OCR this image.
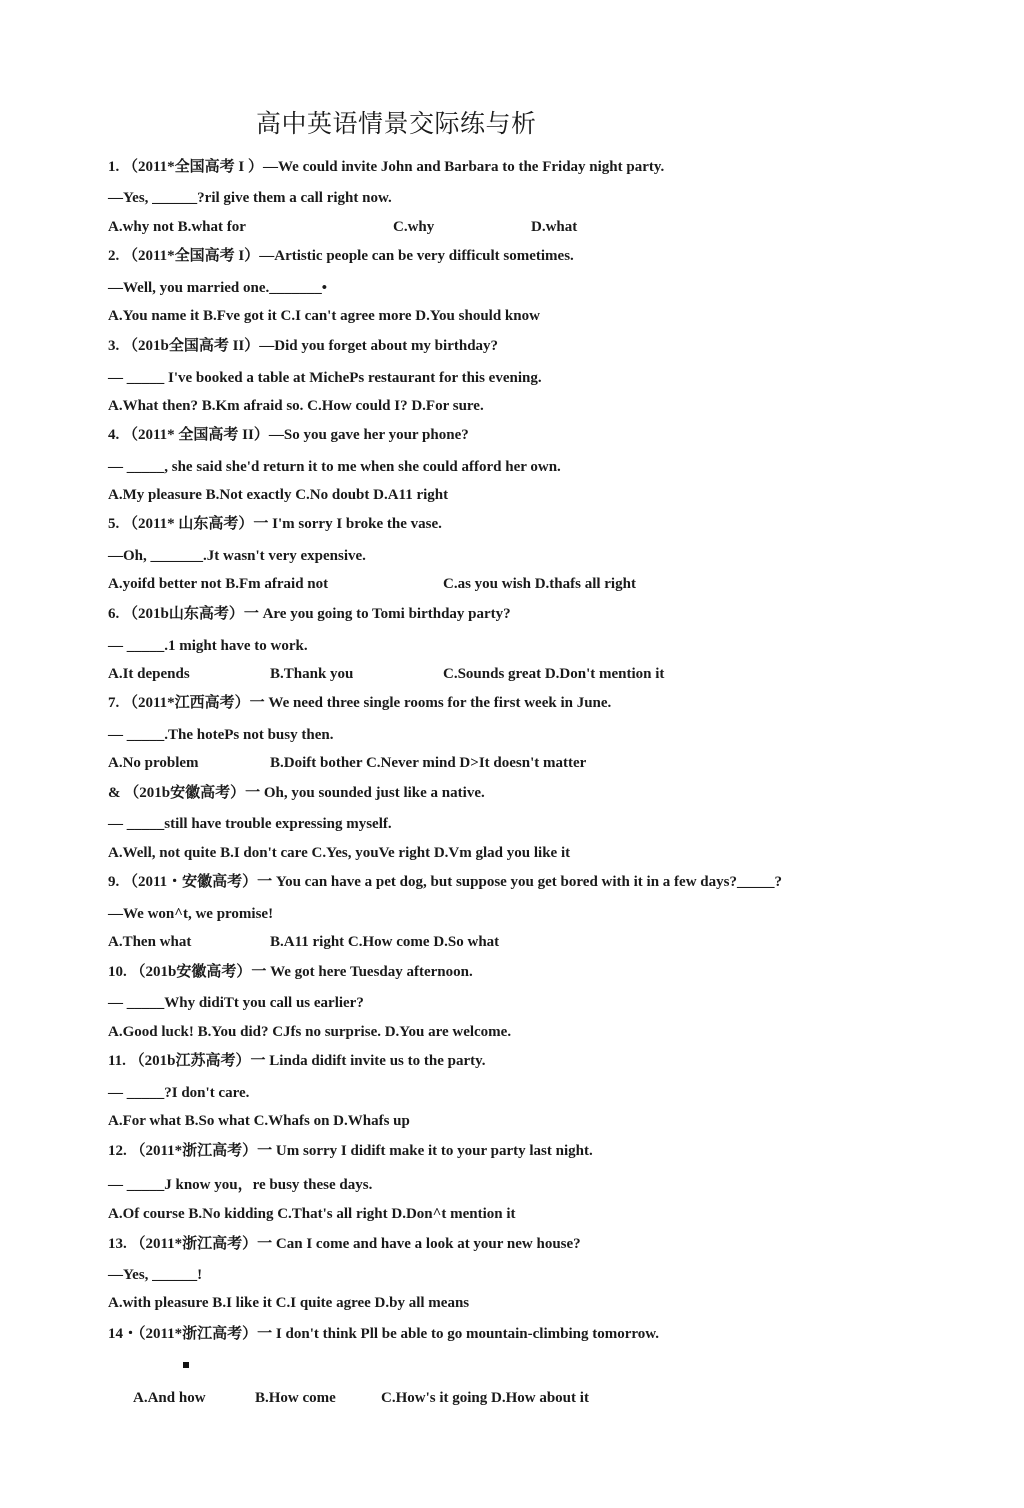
高中英语情景交际练与析
1. （2011*全国高考 I ）—We could invite John and Barbara to the Friday night party.
—Yes, ______?ril give them a call right now.
A.why not B.what for	C.why	D.what
2. （2011*全国高考 I）—Artistic people can be very difficult sometimes.
—Well, you married one._______•
A.You name it B.Fve got it C.I can't agree more D.You should know
3. （201b全国高考 II）—Did you forget about my birthday?
— _____ I've booked a table at MichePs restaurant for this evening.
A.What then? B.Km afraid so. C.How could I? D.For sure.
4. （2011* 全国高考 II）—So you gave her your phone?
— _____, she said she'd return it to me when she could afford her own.
A.My pleasure B.Not exactly C.No doubt D.A11 right
5. （2011* 山东高考）一 I'm sorry I broke the vase.
—Oh, _______.Jt wasn't very expensive.
A.yoifd better not B.Fm afraid not	C.as you wish D.thafs all right
6. （201b山东高考）一 Are you going to Tomi birthday party?
— _____.1 might have to work.
A.It depends	B.Thank you	C.Sounds great D.Don't mention it
7. （2011*江西高考）一 We need three single rooms for the first week in June.
— _____.The hotePs not busy then.
A.No problem	B.Doift bother C.Never mind D>It doesn't matter
& （201b安徽高考）一 Oh, you sounded just like a native.
— _____still have trouble expressing myself.
A.Well, not quite B.I don't care C.Yes, youVe right D.Vm glad you like it
9. （2011・安徽高考）一 You can have a pet dog, but suppose you get bored with it in a few days?_____?
—We won^t, we promise!
A.Then what	B.A11 right C.How come D.So what
10. （201b安徽高考）一 We got here Tuesday afternoon.
— _____Why didiTt you call us earlier?
A.Good luck! B.You did? CJfs no surprise. D.You are welcome.
11. （201b江苏高考）一 Linda didift invite us to the party.
— _____?I don't care.
A.For what B.So what C.Whafs on D.Whafs up
12. （2011*浙江高考）一 Um sorry I didift make it to your party last night.
— _____J know you，re busy these days.
A.Of course B.No kidding C.That's all right D.Don^t mention it
13. （2011*浙江高考）一 Can I come and have a look at your new house?
—Yes, ______!
A.with pleasure B.I like it C.I quite agree D.by all means
14・（2011*浙江高考）一 I don't think Pll be able to go mountain-climbing tomorrow.
A.And how	B.How come	C.How's it going D.How about it
